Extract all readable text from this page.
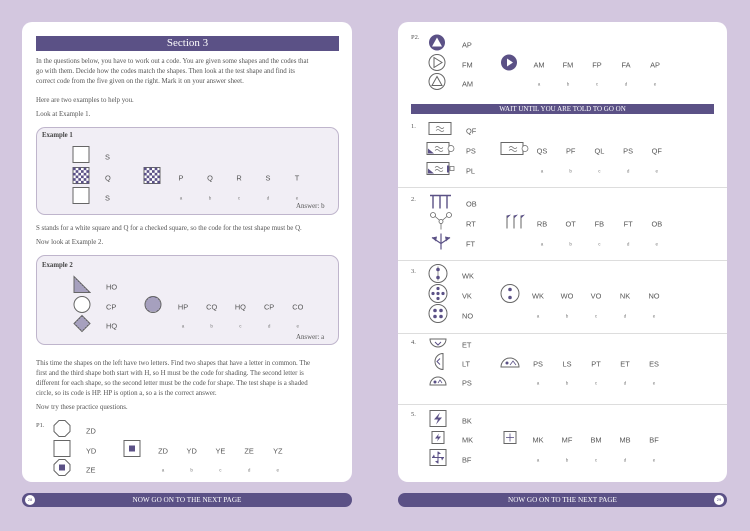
Section 3
In the questions below, you have to work out a code. You are given some shapes and the codes that
go with them. Decide how the codes match the shapes. Then look at the test shape and find its
correct code from the five given on the right. Mark it on your answer sheet.
Here are two examples to help you.
Look at Example 1.
Example 1
Answer: b
S stands for a white square and Q for a checked square, so the code for the test shape must be Q.
Now look at Example 2.
Example 2
Answer: a
This time the shapes on the left have two letters. Find two shapes that have a letter in common. The
first and the third shape both start with H, so H must be the code for shading. The second letter is
different for each shape, so the second letter must be the code for shape. The test shape is a shaded
circle, so its code is HP. HP is option a, so a is the correct answer.
Now try these practice questions.
28	NOW GO ON TO THE NEXT PAGE
WAIT UNTIL YOU ARE TOLD TO GO ON
NOW GO ON TO THE NEXT PAGE	29
S
Q
S
P
a
Q
b
R
c
S
d
T
e
HO
CP
HQ
HP
a
CQ
b
HQ
c
CP
d
CO
e
P1.
ZD
YD
ZE
ZD
a
YD
b
YE
c
ZE
d
YZ
e
P2.
AP
FM
AM
AM
a
FM
b
FP
c
FA
d
AP
e
1.	QF
PS
PL
QS
a
PF
b
QL
c
PS
d
QF
e
2.	OB
RT
FT
RB
a
OT
b
FB
c
FT
d
OB
e
3.	WK
VK
NO
WK
a
WO
b
VO
c
NK
d
NO
e
4.	ET
LT
PS
PS
a
LS
b
PT
c
ET
d
ES
e
5.
BK
MK
BF
MK
a
MF
b
BM
c
MB
d
BF
e
